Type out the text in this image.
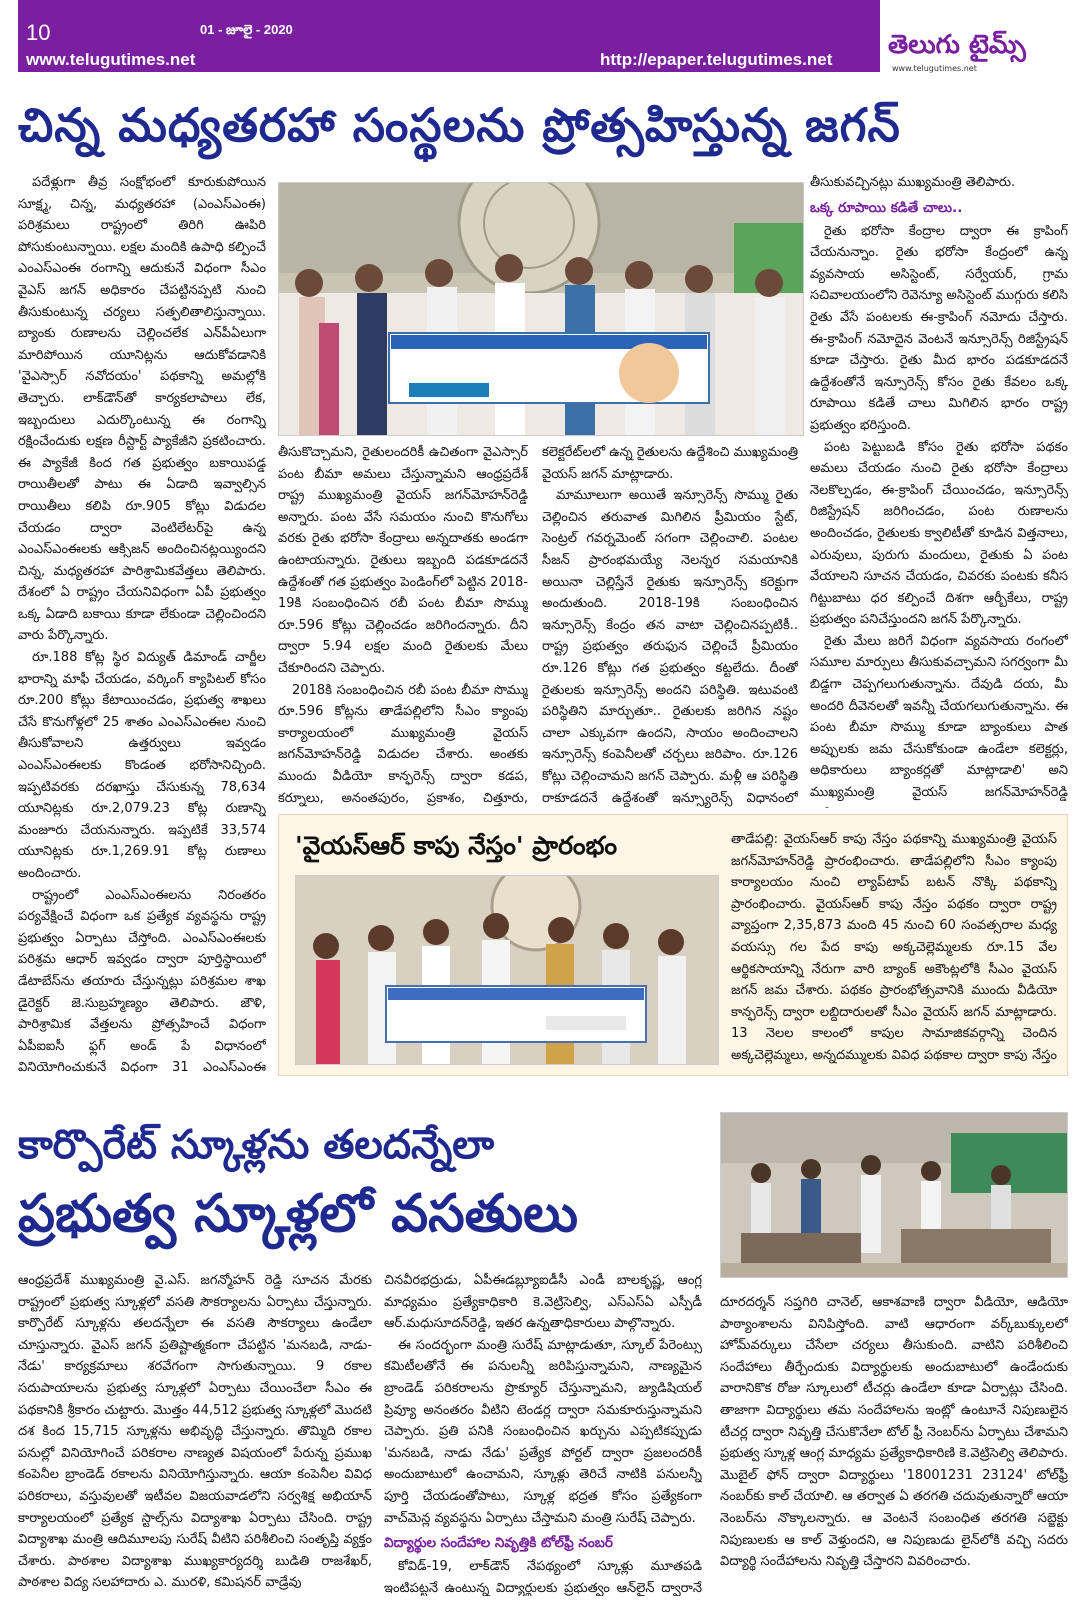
10	01 - జూలై - 2020
www.telugutimes.net	http://epaper.telugutimes.net తెలుగు టైమ్స్
www.telugutimes.net
చిన్న మధ్యతరహా సంస్థలను ప్రోత్సహిస్తున్న జగన్

పదేళ్లుగా తీవ్ర సంక్షోభంలో కూరుకుపోయిన సూక్ష్మ, చిన్న, మధ్యతరహా (ఎంఎస్‌ఎంఈ) పరిశ్రమలు రాష్ట్రంలో తిరిగి ఊపిరి పోసుకుంటున్నాయి. లక్షల మందికి ఉపాధి కల్పించే ఎంఎస్‌ఎంఈ రంగాన్ని ఆదుకునే విధంగా సీఎం వైఎస్‌ జగన్‌ అధికారం చేపట్టినప్పటి నుంచి తీసుకుంటున్న చర్యలు సత్ఫలితాలిస్తున్నాయి. బ్యాంకు రుణాలను చెల్లించలేక ఎన్‌పీఏలుగా మారిపోయిన యూనిట్లను ఆదుకోవడానికి 'వైఎస్సార్‌ నవోదయం' పథకాన్ని అమల్లోకి తెచ్చారు. లాక్‌డౌన్‌తో కార్యకలాపాలు లేక, ఇబ్బందులు ఎదుర్కొంటున్న ఈ రంగాన్ని రక్షించేందుకు లక్షణ రీస్టార్ట్‌ ప్యాకేజీని ప్రకటించారు. ఈ ప్యాకేజీ కింద గత ప్రభుత్వం బకాయిపడ్డ రాయితీలతో పాటు ఈ ఏడాది ఇవ్వాల్సిన రాయితీలు కలిపి రూ.905 కోట్లు విడుదల చేయడం ద్వారా వెంటిలేటర్‌పై ఉన్న ఎంఎస్‌ఎంఈలకు ఆక్సిజన్‌ అందించినట్లయ్యిందని చిన్న, మధ్యతరహా పారిశ్రామికవేత్తలు తెలిపారు. దేశంలో ఏ రాష్ట్రం చేయనివిధంగా ఏపీ ప్రభుత్వం ఒక్క ఏడాది బకాయి కూడా లేకుండా చెల్లించిందని వారు పేర్కొన్నారు.

రూ.188 కోట్ల స్థిర విద్యుత్‌ డిమాండ్‌ చార్జీల భారాన్ని మాఫీ చేయడం, వర్కింగ్‌ క్యాపిటల్‌ కోసం రూ.200 కోట్లు కేటాయించడం, ప్రభుత్వ శాఖలు చేసే కొనుగోళ్లలో 25 శాతం ఎంఎస్‌ఎంఈల నుంచి తీసుకోవాలని ఉత్తర్వులు ఇవ్వడం ఎంఎస్‌ఎంఈలకు కొండంత భరోసానిచ్చింది. ఇప్పటివరకు దరఖాస్తు చేసుకున్న 78,634 యూనిట్లకు రూ.2,079.23 కోట్ల రుణాన్ని మంజూరు చేయనున్నారు. ఇప్పటికే 33,574 యూనిట్లకు రూ.1,269.91 కోట్ల రుణాలు అందించారు.

రాష్ట్రంలో ఎంఎస్‌ఎంఈలను నిరంతరం పర్యవేక్షించే విధంగా ఒక ప్రత్యేక వ్యవస్థను రాష్ట్ర ప్రభుత్వం ఏర్పాటు చేస్తోంది. ఎంఎస్‌ఎంఈలకు పరిశ్రమ ఆధార్‌ ఇవ్వడం ద్వారా పూర్తిస్థాయిలో డేటాబేస్‌ను తయారు చేస్తున్నట్లు పరిశ్రమల శాఖ డైరెక్టర్‌ జె.సుబ్రహ్మణ్యం తెలిపారు. జౌళి, పారిశ్రామిక వేత్తలను ప్రోత్సహించే విధంగా ఏపీఐఐసీ ఫ్లగ్‌ అండ్‌ పే విధానంలో వినియోగించుకునే విధంగా 31 ఎంఎస్‌ఎంఈ

తీసుకొచ్చామని, రైతులందరికీ ఉచితంగా వైఎస్సార్‌ పంట బీమా అమలు చేస్తున్నామని ఆంధ్రప్రదేశ్‌ రాష్ట్ర ముఖ్యమంత్రి వైయస్‌ జగన్‌మోహన్‌రెడ్డి అన్నారు. పంట వేసే సమయం నుంచి కొనుగోలు వరకు రైతు భరోసా కేంద్రాలు అన్నదాతకు అండగా ఉంటాయన్నారు. రైతులు ఇబ్బంది పడకూడదనే ఉద్దేశంతో గత ప్రభుత్వం పెండింగ్‌లో పెట్టిన 2018-19కి సంబంధించిన రబీ పంట బీమా సొమ్ము రూ.596 కోట్లు చెల్లించడం జరిగిందన్నారు. దీని ద్వారా 5.94 లక్షల మంది రైతులకు మేలు చేకూరిందని చెప్పారు.

2018కి సంబంధించిన రబీ పంట బీమా సొమ్ము రూ.596 కోట్లను తాడేపల్లిలోని సీఎం క్యాంపు కార్యాలయంలో ముఖ్యమంత్రి వైయస్‌ జగన్‌మోహన్‌రెడ్డి విడుదల చేశారు. అంతకు ముందు వీడియో కాన్ఫరెన్స్‌ ద్వారా కడప, కర్నూలు, అనంతపురం, ప్రకాశం, చిత్తూరు,

కలెక్టరేట్‌లలో ఉన్న రైతులను ఉద్దేశించి ముఖ్యమంత్రి వైయస్‌ జగన్‌ మాట్లాడారు.

మామూలుగా అయితే ఇన్సూరెన్స్‌ సొమ్ము రైతు చెల్లించిన తరువాత మిగిలిన ప్రీమియం స్టేట్‌, సెంట్రల్‌ గవర్నమెంట్‌ సగంగా చెల్లించాలి. పంటల సీజన్‌ ప్రారంభమయ్యే నెలన్నర సమయానికి అయినా చెల్లిస్తేనే రైతుకు ఇన్సూరెన్స్‌ కరెక్టుగా అందుతుంది. 2018-19కి సంబంధించిన ఇన్సూరెన్స్‌ కేంద్రం తన వాటా చెల్లించినప్పటికీ.. రాష్ట్ర ప్రభుత్వం తరుఫున చెల్లించే ప్రీమియం రూ.126 కోట్లు గత ప్రభుత్వం కట్టలేదు. దీంతో రైతులకు ఇన్సూరెన్స్‌ అందని పరిస్థితి. ఇటువంటి పరిస్థితిని మార్చుతూ.. రైతులకు జరిగిన నష్టం చాలా ఎక్కువగా ఉందని, సాయం అందించాలని ఇన్సూరెన్స్‌ కంపెనీలతో చర్చలు జరిపాం. రూ.126 కోట్లు చెల్లించామని జగన్‌ చెప్పారు. మళ్లీ ఆ పరిస్థితి రాకూడదనే ఉద్దేశంతో ఇన్స్యూరెన్స్‌ విధానంలో

తీసుకువచ్చినట్లు ముఖ్యమంత్రి తెలిపారు.

ఒక్క రూపాయి కడితే చాలు..

రైతు భరోసా కేంద్రాల ద్వారా ఈ క్రాపింగ్‌ చేయనున్నాం. రైతు భరోసా కేంద్రంలో ఉన్న వ్యవసాయ అసిస్టెంట్‌, సర్వేయర్‌, గ్రామ సచివాలయంలోని రెవెన్యూ అసిస్టెంట్‌ ముగ్గురు కలిసి రైతు వేసే పంటలకు ఈ-క్రాపింగ్‌ నమోదు చేస్తారు. ఈ-క్రాపింగ్‌ నమోదైన వెంటనే ఇన్సూరెన్స్‌ రిజిస్ట్రేషన్‌ కూడా చేస్తారు. రైతు మీద భారం పడకూడదనే ఉద్దేశంతోనే ఇన్సూరెన్స్‌ కోసం రైతు కేవలం ఒక్క రూపాయి కడితే చాలు మిగిలిన భారం రాష్ట్ర ప్రభుత్వం భరిస్తుంది.

పంట పెట్టుబడి కోసం రైతు భరోసా పథకం అమలు చేయడం నుంచి రైతు భరోసా కేంద్రాలు నెలకొల్పడం, ఈ-క్రాపింగ్‌ చేయించడం, ఇన్సూరెన్స్‌ రిజిస్ట్రేషన్‌ జరిగించడం, పంట రుణాలను అందించడం, రైతులకు క్వాలిటీతో కూడిన విత్తనాలు, ఎరువులు, పురుగు మందులు, రైతుకు ఏ పంట వేయాలని సూచన చేయడం, చివరకు పంటకు కనీస గిట్టుబాటు ధర కల్పించే దిశగా ఆర్బీకేలు, రాష్ట్ర ప్రభుత్వం పనిచేస్తుందని జగన్‌ పేర్కొన్నారు.

రైతు మేలు జరిగే విధంగా వ్యవసాయ రంగంలో సమూల మార్పులు తీసుకువచ్చామని సగర్వంగా మీ బిడ్డగా చెప్పగలుగుతున్నాను. దేవుడి దయ, మీ అందరి దీవెనలతో ఇవన్నీ చేయగలుగుతున్నాను. ఈ పంట బీమా సొమ్ము కూడా బ్యాంకులు పాత అప్పులకు జమ చేసుకోకుండా ఉండేలా కలెక్టర్లు, అధికారులు బ్యాంకర్లతో మాట్లాడాలి' అని ముఖ్యమంత్రి వైయస్‌ జగన్‌మోహన్‌రెడ్డి

'వైయస్‌ఆర్‌ కాపు నేస్తం' ప్రారంభం	తాడేపల్లి: వైయస్‌ఆర్‌ కాపు నేస్తం పథకాన్ని ముఖ్యమంత్రి వైయస్‌ జగన్‌మోహన్‌రెడ్డి ప్రారంభించారు. తాడేపల్లిలోని సీఎం క్యాంపు కార్యాలయం నుంచి ల్యాప్‌టాప్‌ బటన్‌ నొక్కి పథకాన్ని ప్రారంభించారు. వైయస్‌ఆర్‌ కాపు నేస్తం పథకం ద్వారా రాష్ట్ర వ్యాప్తంగా 2,35,873 మంది 45 నుంచి 60 సంవత్సరాల మధ్య వయస్సు గల పేద కాపు అక్కచెల్లెమ్మలకు రూ.15 వేల ఆర్థికసాయాన్ని నేరుగా వారి బ్యాంక్‌ అకౌంట్లలోకి సీఎం వైయస్‌ జగన్‌ జమ చేశారు. పథకం ప్రారంభోత్సవానికి ముందు వీడియో కాన్ఫరెన్స్‌ ద్వారా లబ్దిదారులతో సీఎం వైయస్‌ జగన్‌ మాట్లాడారు. 13 నెలల కాలంలో కాపుల సామాజికవర్గాన్ని చెందిన అక్కచెల్లెమ్మలు, అన్నదమ్ములకు వివిధ పథకాల ద్వారా కాపు నేస్తం

కార్పొరేట్‌ స్కూళ్లను తలదన్నేలా
ప్రభుత్వ స్కూళ్లలో వసతులు

ఆంధ్రప్రదేశ్‌ ముఖ్యమంత్రి వై.ఎస్‌. జగన్మోహన్‌ రెడ్డి సూచన మేరకు రాష్ట్రంలో ప్రభుత్వ స్కూళ్లలో వసతి సౌకర్యాలను ఏర్పాటు చేస్తున్నారు. కార్పొరేట్‌ స్కూళ్లను తలదన్నేలా ఈ వసతి సౌకర్యాలు ఉండేలా చూస్తున్నారు. వైఎస్‌ జగన్‌ ప్రతిష్టాత్మకంగా చేపట్టిన 'మనబడి, నాడు-నేడు' కార్యక్రమాలు శరవేగంగా సాగుతున్నాయి. 9 రకాల సదుపాయాలను ప్రభుత్వ స్కూళ్లలో ఏర్పాటు చేయించేలా సీఎం ఈ పథకానికి శ్రీకారం చుట్టారు. మొత్తం 44,512 ప్రభుత్వ స్కూళ్లలో మొదటి దశ కింద 15,715 స్కూళ్లను అభివృద్ధి చేస్తున్నారు. తొమ్మిది రకాల పనుల్లో వినియోగించే పరికరాల నాణ్యత విషయంలో పేరున్న ప్రముఖ కంపెనీల బ్రాండెడ్‌ రకాలను వినియోగిస్తున్నారు. ఆయా కంపెనీల వివిధ పరికరాలు, వస్తువులతో ఇటీవల విజయవాడలోని సర్వశిక్ష అభియాన్‌ కార్యాలయంలో ప్రత్యేక స్టాల్స్‌ను విద్యాశాఖ ఏర్పాటు చేసింది. రాష్ట్ర విద్యాశాఖ మంత్రి ఆదిమూలపు సురేష్‌ వీటిని పరిశీలించి సంతృప్తి వ్యక్తం చేశారు. పాఠశాల విద్యాశాఖ ముఖ్యకార్యదర్శి బుడితి రాజశేఖర్‌, పాఠశాల విద్య సలహాదారు ఎ. మురళి, కమిషనర్‌ వాడ్రేవు

చినవీరభద్రుడు, ఏపీఈడబ్ల్యూఐడీసీ ఎండీ బాలకృష్ణ, ఆంగ్ల మాధ్యమం ప్రత్యేకాధికారి కె.వెట్రిసెల్వి, ఎస్‌ఎస్‌ఏ ఎస్పీడీ ఆర్‌.మధుసూదన్‌రెడ్డి, ఇతర ఉన్నతాధికారులు పాల్గొన్నారు.

ఈ సందర్భంగా మంత్రి సురేష్‌ మాట్లాడుతూ, స్కూల్‌ పేరెంట్సు కమిటీలతోనే ఈ పనులన్నీ జరిపిస్తున్నామని, నాణ్యమైన బ్రాండెడ్‌ పరికరాలను ప్రొక్యూర్‌ చేస్తున్నామని, జ్యుడిషియల్‌ ప్రివ్యూ అనంతరం వీటిని టెండర్ల ద్వారా సమకూరుస్తున్నామని చెప్పారు. ప్రతి పనికి సంబంధించిన ఖర్చును ఎప్పటికప్పుడు 'మనబడి, నాడు నేడు' ప్రత్యేక పోర్టల్‌ ద్వారా ప్రజలందరికీ అందుబాటులో ఉంచామని, స్కూళ్లు తెరిచే నాటికి పనులన్నీ పూర్తి చేయడంతోపాటు, స్కూళ్ల భద్రత కోసం ప్రత్యేకంగా వాచ్‌మెన్ల వ్యవస్థను ఏర్పాటు చేస్తామని మంత్రి సురేష్‌ చెప్పారు.

విద్యార్థుల సందేహాల నివృత్తికి టోల్‌ఫ్రీ నంబర్‌

కోవిడ్‌-19, లాక్‌డౌన్‌ నేపథ్యంలో స్కూళ్లు మూతపడి ఇంటిపట్టనే ఉంటున్న విద్యార్థులకు ప్రభుత్వం ఆన్‌లైన్‌ ద్వారానే

దూరదర్శన్‌ సప్తగిరి చానెల్‌, ఆకాశవాణి ద్వారా వీడియో, ఆడియో పాఠ్యాంశాలను వినిపిస్తోంది. వాటి ఆధారంగా వర్క్‌బుక్కులలో హోమ్‌వర్కులు చేసేలా చర్యలు తీసుకుంది. వాటిని పరిశీలించి సందేహాలు తీర్చేందుకు విద్యార్థులకు అందుబాటులో ఉండేందుకు వారానికొక రోజు స్కూలులో టీచర్లు ఉండేలా కూడా ఏర్పాట్లు చేసింది. తాజాగా విద్యార్థులు తమ సందేహాలను ఇంట్లో ఉంటూనే నిపుణులైన టీచర్ల ద్వారా నివృత్తి చేసుకొనేలా టోల్‌ ఫ్రీ నెంబర్‌ను ఏర్పాటు చేశామని ప్రభుత్వ స్కూళ్ల ఆంగ్ల మాధ్యమ ప్రత్యేకాధికారిణి కె.వెట్రిసెల్వి తెలిపారు. మొబైల్‌ ఫోన్‌ ద్వారా విద్యార్థులు '18001231 23124' టోల్‌ఫ్రీ నంబర్‌కు కాల్‌ చేయాలి. ఆ తర్వాత ఏ తరగతి చదువుతున్నారో ఆయా నెంబర్‌ను నొక్కాలన్నారు. ఆ వెంటనే సంబంధిత తరగతి సబ్జెక్టు నిపుణులకు ఆ కాల్‌ వెళ్తుందని, ఆ నిపుణుడు లైన్‌లోకి వచ్చి సదరు విద్యార్థి సందేహాలను నివృత్తి చేస్తారని వివరించారు.
